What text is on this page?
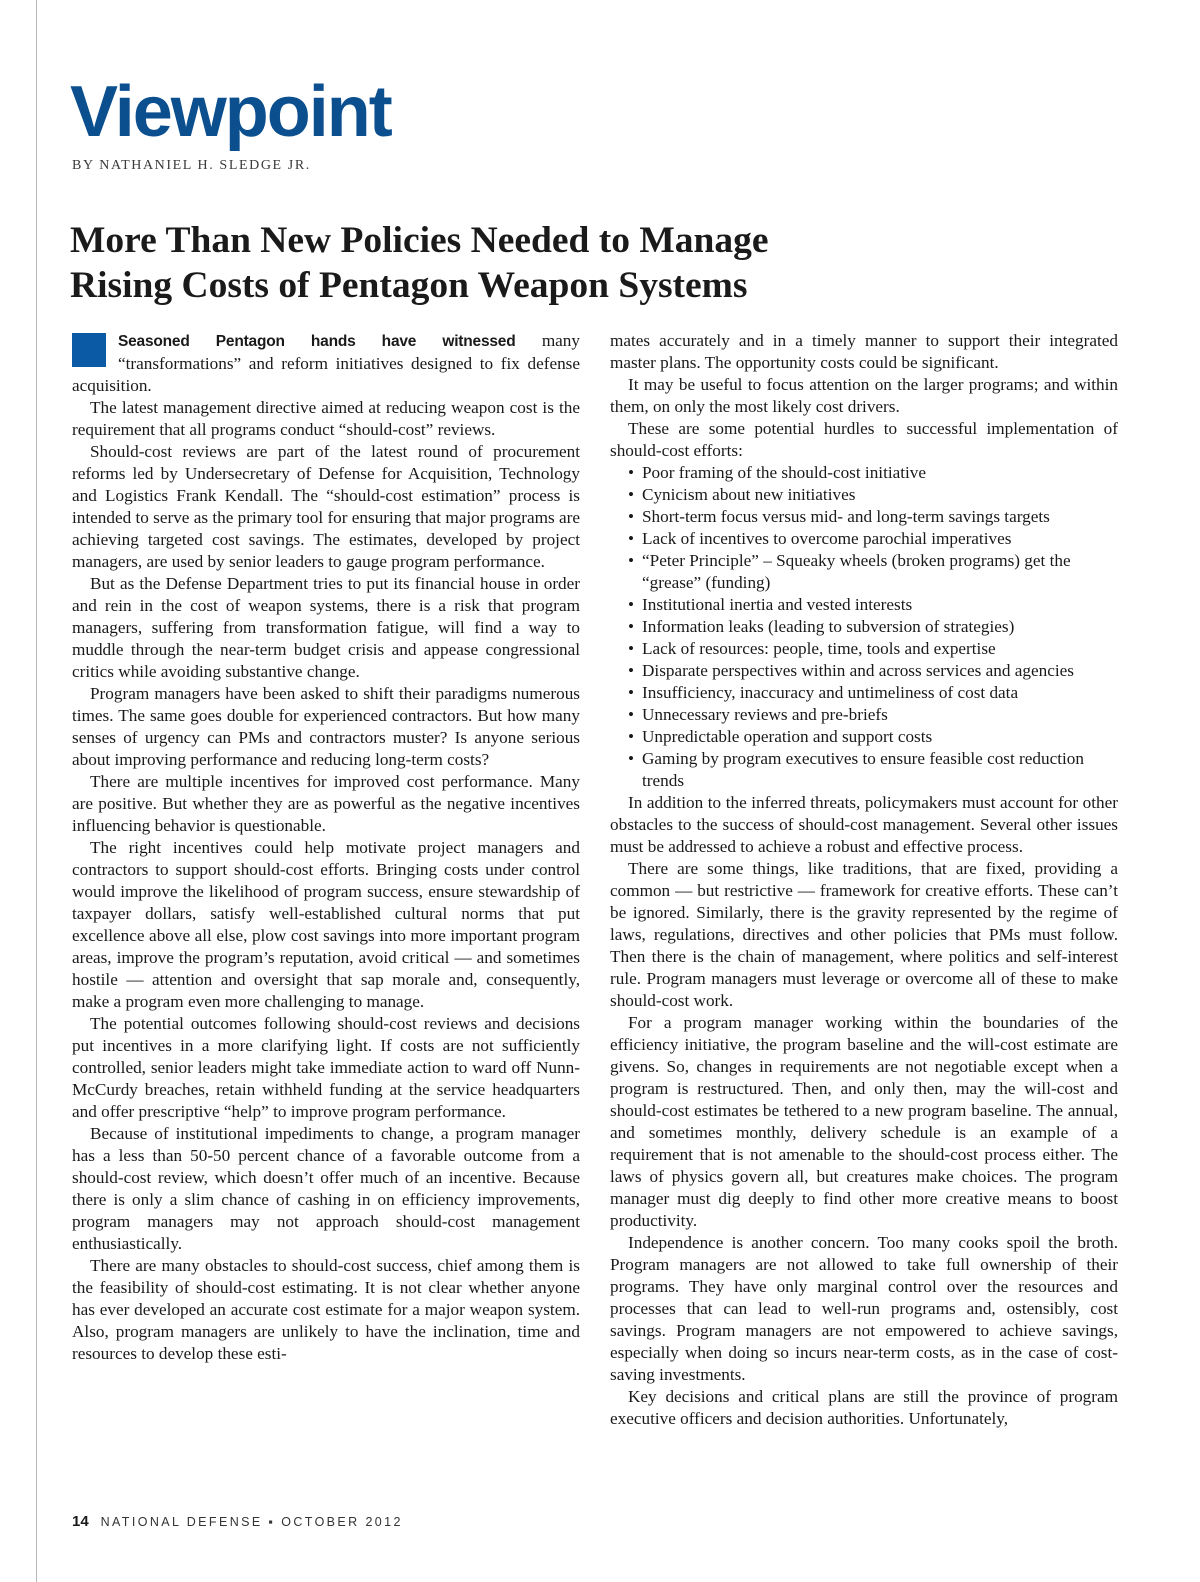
Viewpoint
BY NATHANIEL H. SLEDGE JR.
More Than New Policies Needed to Manage
Rising Costs of Pentagon Weapon Systems

Seasoned Pentagon hands have witnessed many “transformations” and reform initiatives designed to fix defense acquisition.

The latest management directive aimed at reducing weapon cost is the requirement that all programs conduct “should-cost” reviews.

Should-cost reviews are part of the latest round of procurement reforms led by Undersecretary of Defense for Acquisition, Technology and Logistics Frank Kendall. The “should-cost estimation” process is intended to serve as the primary tool for ensuring that major programs are achieving targeted cost savings. The estimates, developed by project managers, are used by senior leaders to gauge program performance.

But as the Defense Department tries to put its financial house in order and rein in the cost of weapon systems, there is a risk that program managers, suffering from transformation fatigue, will find a way to muddle through the near-term budget crisis and appease congressional critics while avoiding substantive change.

Program managers have been asked to shift their paradigms numerous times. The same goes double for experienced contractors. But how many senses of urgency can PMs and contractors muster? Is anyone serious about improving performance and reducing long-term costs?

There are multiple incentives for improved cost performance. Many are positive. But whether they are as powerful as the negative incentives influencing behavior is questionable.

The right incentives could help motivate project managers and contractors to support should-cost efforts. Bringing costs under control would improve the likelihood of program success, ensure stewardship of taxpayer dollars, satisfy well-established cultural norms that put excellence above all else, plow cost savings into more important program areas, improve the program’s reputation, avoid critical — and sometimes hostile — attention and oversight that sap morale and, consequently, make a program even more challenging to manage.

The potential outcomes following should-cost reviews and decisions put incentives in a more clarifying light. If costs are not sufficiently controlled, senior leaders might take immediate action to ward off Nunn-McCurdy breaches, retain withheld funding at the service headquarters and offer prescriptive “help” to improve program performance.

Because of institutional impediments to change, a program manager has a less than 50-50 percent chance of a favorable outcome from a should-cost review, which doesn’t offer much of an incentive. Because there is only a slim chance of cashing in on efficiency improvements, program managers may not approach should-cost management enthusiastically.

There are many obstacles to should-cost success, chief among them is the feasibility of should-cost estimating. It is not clear whether anyone has ever developed an accurate cost estimate for a major weapon system. Also, program managers are unlikely to have the inclination, time and resources to develop these esti-

mates accurately and in a timely manner to support their integrated master plans. The opportunity costs could be significant.

It may be useful to focus attention on the larger programs; and within them, on only the most likely cost drivers.

These are some potential hurdles to successful implementation of should-cost efforts:

• Poor framing of the should-cost initiative
• Cynicism about new initiatives
• Short-term focus versus mid- and long-term savings targets
• Lack of incentives to overcome parochial imperatives
• “Peter Principle” – Squeaky wheels (broken programs) get the “grease” (funding)
• Institutional inertia and vested interests
• Information leaks (leading to subversion of strategies)
• Lack of resources: people, time, tools and expertise
• Disparate perspectives within and across services and agencies
• Insufficiency, inaccuracy and untimeliness of cost data
• Unnecessary reviews and pre-briefs
• Unpredictable operation and support costs
• Gaming by program executives to ensure feasible cost reduction trends

In addition to the inferred threats, policymakers must account for other obstacles to the success of should-cost management. Several other issues must be addressed to achieve a robust and effective process.

There are some things, like traditions, that are fixed, providing a common — but restrictive — framework for creative efforts. These can’t be ignored. Similarly, there is the gravity represented by the regime of laws, regulations, directives and other policies that PMs must follow. Then there is the chain of management, where politics and self-interest rule. Program managers must leverage or overcome all of these to make should-cost work.

For a program manager working within the boundaries of the efficiency initiative, the program baseline and the will-cost estimate are givens. So, changes in requirements are not negotiable except when a program is restructured. Then, and only then, may the will-cost and should-cost estimates be tethered to a new program baseline. The annual, and sometimes monthly, delivery schedule is an example of a requirement that is not amenable to the should-cost process either. The laws of physics govern all, but creatures make choices. The program manager must dig deeply to find other more creative means to boost productivity.

Independence is another concern. Too many cooks spoil the broth. Program managers are not allowed to take full ownership of their programs. They have only marginal control over the resources and processes that can lead to well-run programs and, ostensibly, cost savings. Program managers are not empowered to achieve savings, especially when doing so incurs near-term costs, as in the case of cost-saving investments.

Key decisions and critical plans are still the province of program executive officers and decision authorities. Unfortunately,

14 NATIONAL DEFENSE ▪ OCTOBER 2012
